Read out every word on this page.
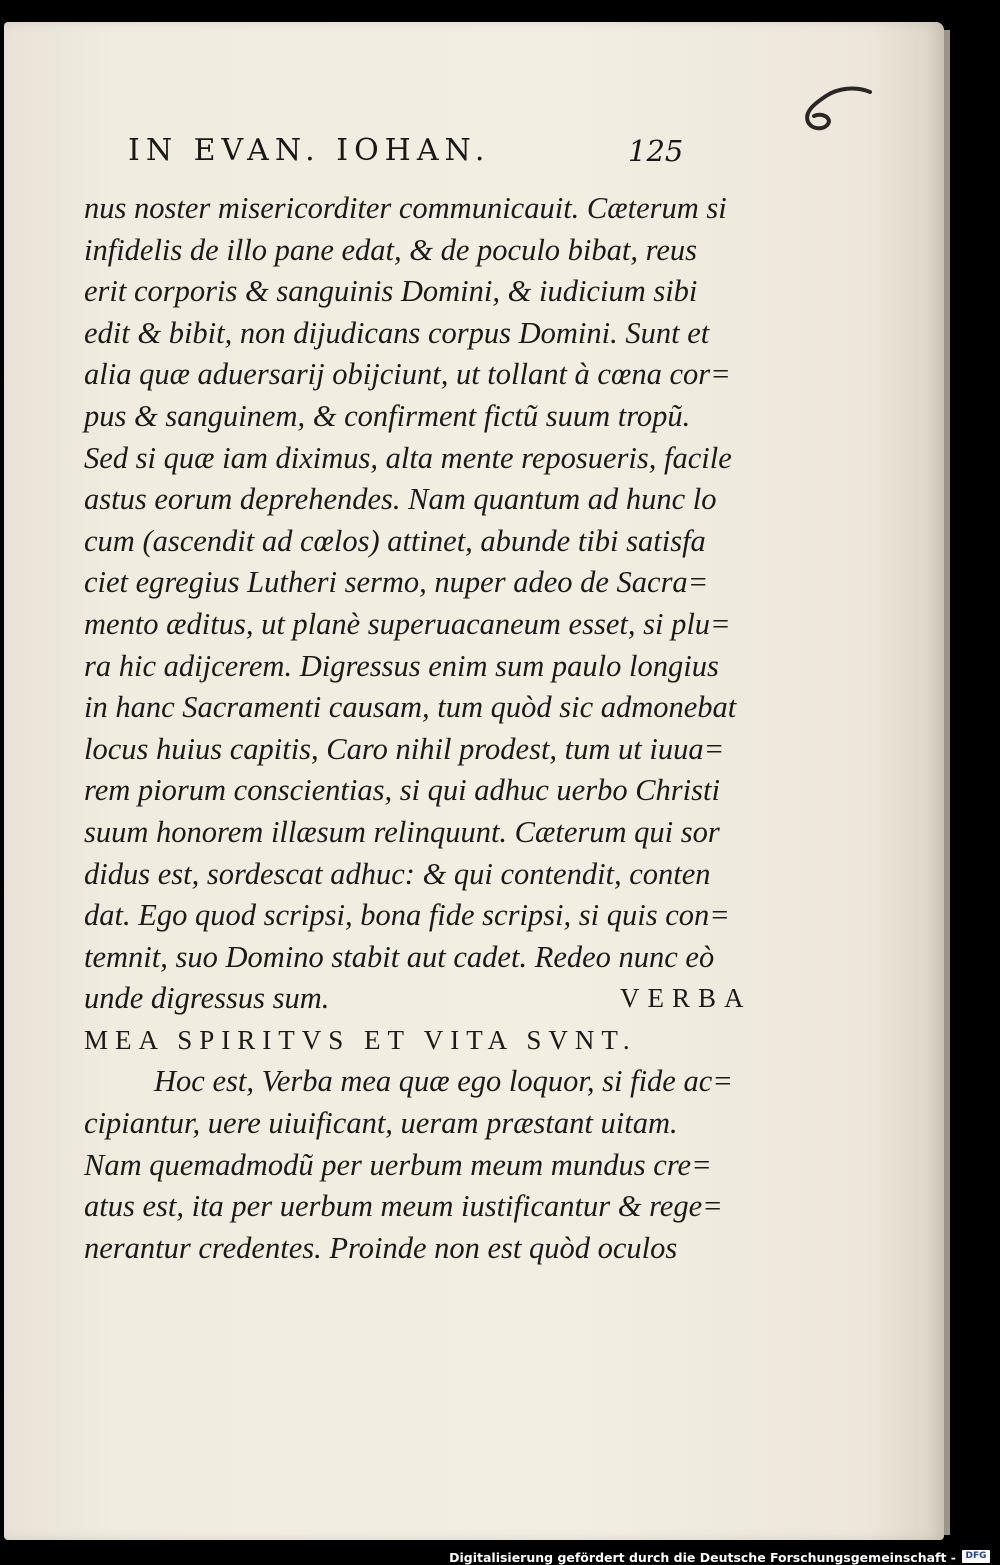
IN EVAN. IOHAN.	125
nus noster misericorditer communicauit. Cæterum si
infidelis de illo pane edat, & de poculo bibat, reus
erit corporis & sanguinis Domini, & iudicium sibi
edit & bibit, non dijudicans corpus Domini. Sunt et
alia quæ aduersarij obijciunt, ut tollant à cœna cor=
pus & sanguinem, & confirment fictũ suum tropũ.
Sed si quæ iam diximus, alta mente reposueris, facile
astus eorum deprehendes. Nam quantum ad hunc lo
cum (ascendit ad cœlos) attinet, abunde tibi satisfa
ciet egregius Lutheri sermo, nuper adeo de Sacra=
mento æditus, ut planè superuacaneum esset, si plu=
ra hic adijcerem. Digressus enim sum paulo longius
in hanc Sacramenti causam, tum quòd sic admonebat
locus huius capitis, Caro nihil prodest, tum ut iuua=
rem piorum conscientias, si qui adhuc uerbo Christi
suum honorem illæsum relinquunt. Cæterum qui sor
didus est, sordescat adhuc: & qui contendit, conten
dat. Ego quod scripsi, bona fide scripsi, si quis con=
temnit, suo Domino stabit aut cadet. Redeo nunc eò
unde digressus sum.	VERBA
MEA SPIRITVS ET VITA SVNT.
Hoc est, Verba mea quæ ego loquor, si fide ac=
cipiantur, uere uiuificant, ueram præstant uitam.
Nam quemadmodũ per uerbum meum mundus cre=
atus est, ita per uerbum meum iustificantur & rege=
nerantur credentes. Proinde non est quòd oculos
Digitalisierung gefördert durch die Deutsche Forschungsgemeinschaft -	DFG
